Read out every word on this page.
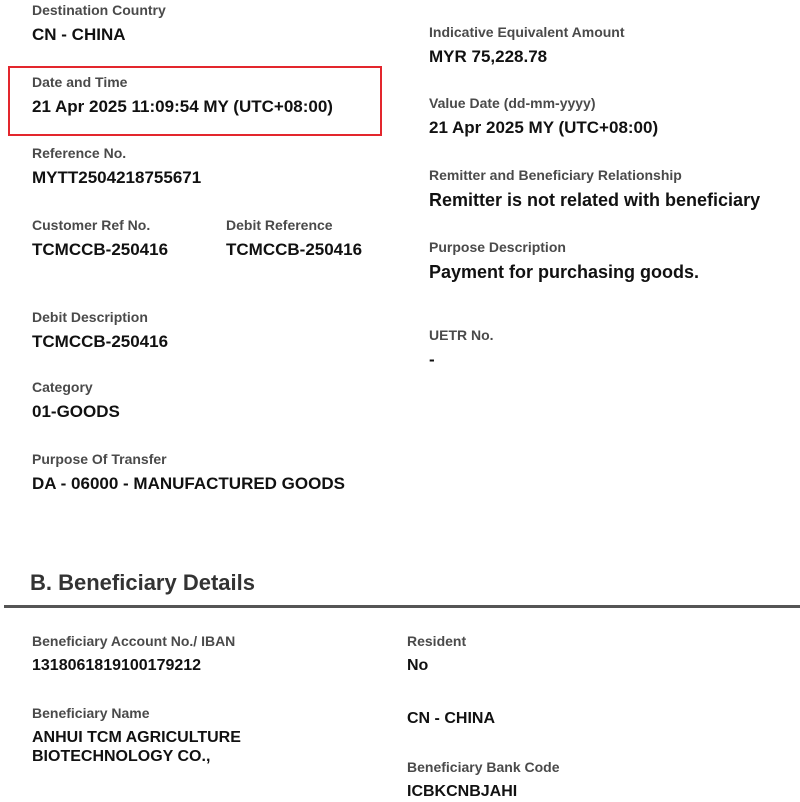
Destination Country
CN - CHINA
Date and Time
21 Apr 2025 11:09:54 MY (UTC+08:00)
Reference No.
MYTT2504218755671
Customer Ref No.
TCMCCB-250416
Debit Reference
TCMCCB-250416
Debit Description
TCMCCB-250416
Category
01-GOODS
Purpose Of Transfer
DA - 06000 - MANUFACTURED GOODS
Indicative Equivalent Amount
MYR 75,228.78
Value Date (dd-mm-yyyy)
21 Apr 2025 MY (UTC+08:00)
Remitter and Beneficiary Relationship
Remitter is not related with beneficiary
Purpose Description
Payment for purchasing goods.
UETR No.
-
B. Beneficiary Details
Beneficiary Account No./ IBAN
1318061819100179212
Resident
No
Beneficiary Name
ANHUI TCM AGRICULTURE
BIOTECHNOLOGY CO.,
CN - CHINA
Beneficiary Bank Code
ICBKCNBJAHI
